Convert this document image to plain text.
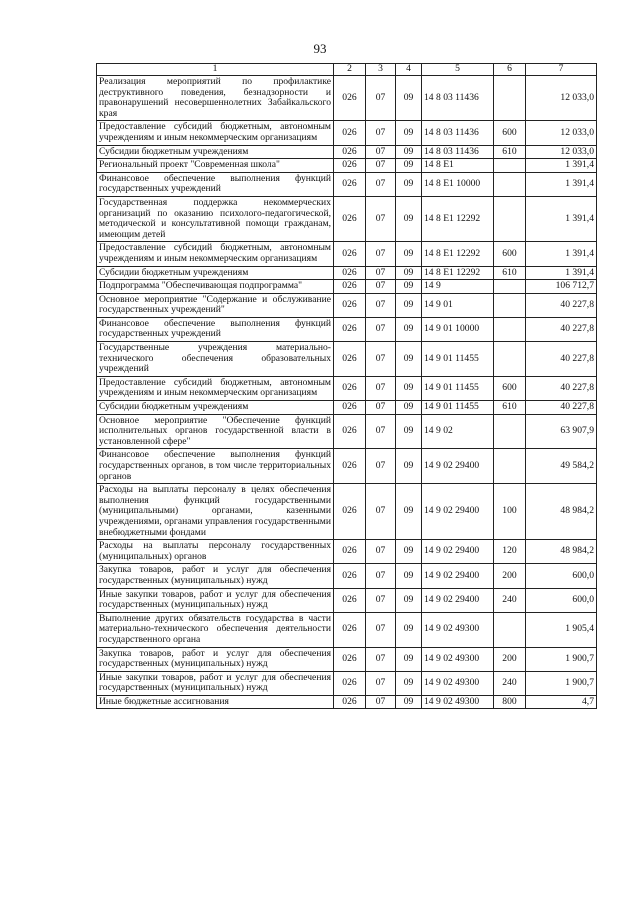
93
1	2	3	4	5	6	7
Реализация мероприятий по профилактике деструктивного поведения, безнадзорности и правонарушений несовершеннолетних Забайкальского края	026	07	09	14 8 03 11436		12 033,0
Предоставление субсидий бюджетным, автономным учреждениям и иным некоммерческим организациям	026	07	09	14 8 03 11436	600	12 033,0
Субсидии бюджетным учреждениям	026	07	09	14 8 03 11436	610	12 033,0
Региональный проект "Современная школа"	026	07	09	14 8 E1		1 391,4
Финансовое обеспечение выполнения функций государственных учреждений	026	07	09	14 8 E1 10000		1 391,4
Государственная поддержка некоммерческих организаций по оказанию психолого-педагогической, методической и консультативной помощи гражданам, имеющим детей	026	07	09	14 8 E1 12292		1 391,4
Предоставление субсидий бюджетным, автономным учреждениям и иным некоммерческим организациям	026	07	09	14 8 E1 12292	600	1 391,4
Субсидии бюджетным учреждениям	026	07	09	14 8 E1 12292	610	1 391,4
Подпрограмма "Обеспечивающая подпрограмма"	026	07	09	14 9		106 712,7
Основное мероприятие "Содержание и обслуживание государственных учреждений"	026	07	09	14 9 01		40 227,8
Финансовое обеспечение выполнения функций государственных учреждений	026	07	09	14 9 01 10000		40 227,8
Государственные учреждения материально-технического обеспечения образовательных учреждений	026	07	09	14 9 01 11455		40 227,8
Предоставление субсидий бюджетным, автономным учреждениям и иным некоммерческим организациям	026	07	09	14 9 01 11455	600	40 227,8
Субсидии бюджетным учреждениям	026	07	09	14 9 01 11455	610	40 227,8
Основное мероприятие "Обеспечение функций исполнительных органов государственной власти в установленной сфере"	026	07	09	14 9 02		63 907,9
Финансовое обеспечение выполнения функций государственных органов, в том числе территориальных органов	026	07	09	14 9 02 29400		49 584,2
Расходы на выплаты персоналу в целях обеспечения выполнения функций государственными (муниципальными) органами, казенными учреждениями, органами управления государственными внебюджетными фондами	026	07	09	14 9 02 29400	100	48 984,2
Расходы на выплаты персоналу государственных (муниципальных) органов	026	07	09	14 9 02 29400	120	48 984,2
Закупка товаров, работ и услуг для обеспечения государственных (муниципальных) нужд	026	07	09	14 9 02 29400	200	600,0
Иные закупки товаров, работ и услуг для обеспечения государственных (муниципальных) нужд	026	07	09	14 9 02 29400	240	600,0
Выполнение других обязательств государства в части материально-технического обеспечения деятельности государственного органа	026	07	09	14 9 02 49300		1 905,4
Закупка товаров, работ и услуг для обеспечения государственных (муниципальных) нужд	026	07	09	14 9 02 49300	200	1 900,7
Иные закупки товаров, работ и услуг для обеспечения государственных (муниципальных) нужд	026	07	09	14 9 02 49300	240	1 900,7
Иные бюджетные ассигнования	026	07	09	14 9 02 49300	800	4,7
